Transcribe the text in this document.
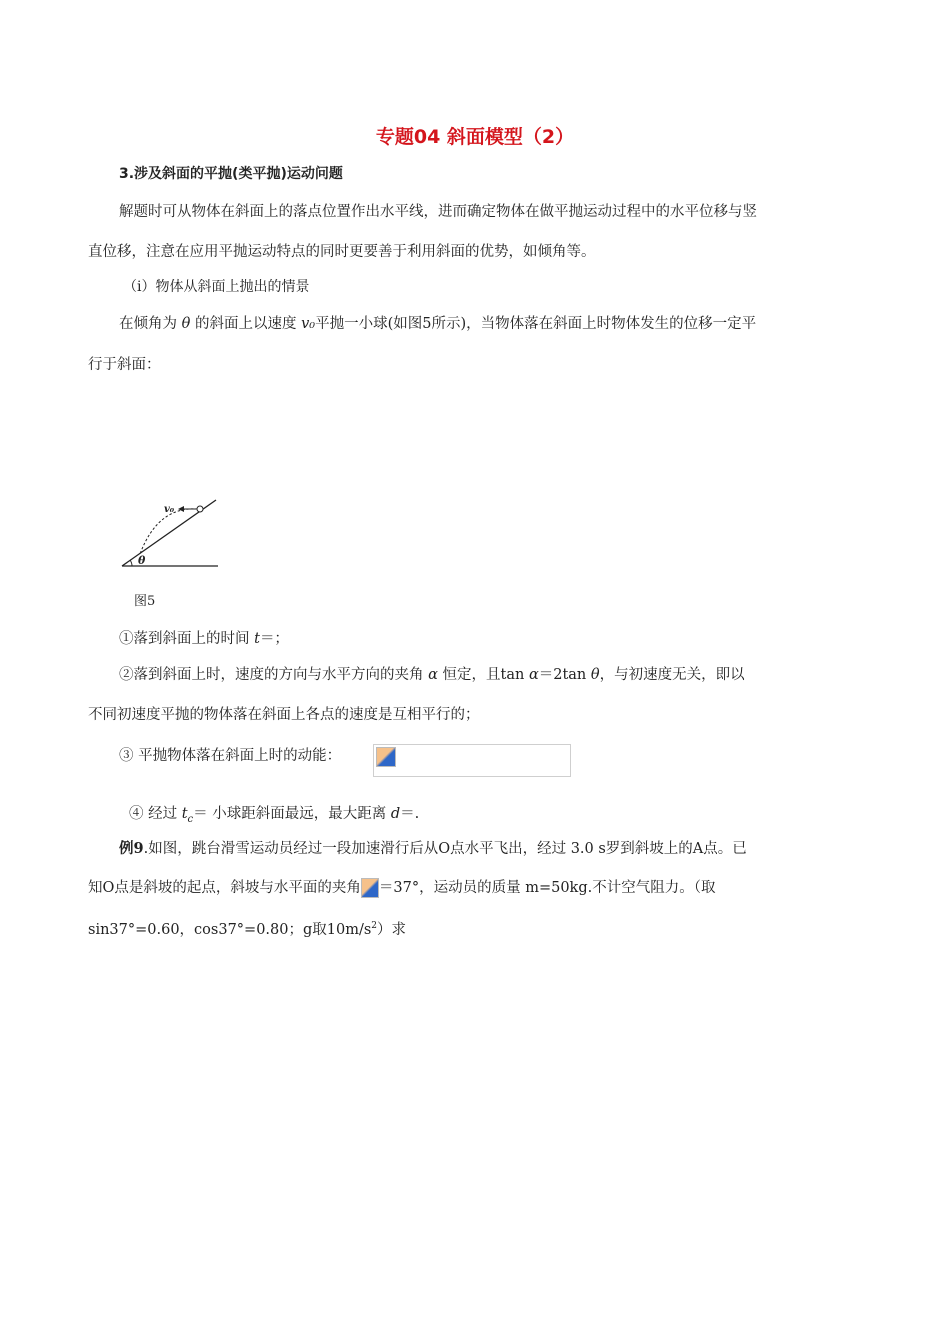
专题04 斜面模型（2）
3.涉及斜面的平抛(类平抛)运动问题
解题时可从物体在斜面上的落点位置作出水平线，进而确定物体在做平抛运动过程中的水平位移与竖
直位移，注意在应用平抛运动特点的同时更要善于利用斜面的优势，如倾角等。
（i）物体从斜面上抛出的情景
在倾角为 θ 的斜面上以速度 v₀平抛一小球(如图5所示)，当物体落在斜面上时物体发生的位移一定平
行于斜面：
v₀
θ
图5
①落到斜面上的时间 t＝；
②落到斜面上时，速度的方向与水平方向的夹角 α 恒定，且tan α＝2tan θ，与初速度无关，即以
不同初速度平抛的物体落在斜面上各点的速度是互相平行的；
③ 平抛物体落在斜面上时的动能：
④ 经过 $t_c=$ 小球距斜面最远，最大距离 d＝.
例9.如图，跳台滑雪运动员经过一段加速滑行后从O点水平飞出，经过 3.0 s罗到斜坡上的A点。已
知O点是斜坡的起点，斜坡与水平面的夹角 ＝37°，运动员的质量 m=50kg.不计空气阻力。（取
sin37°=0.60，cos37°=0.80；g取$10m/s^2$）求
